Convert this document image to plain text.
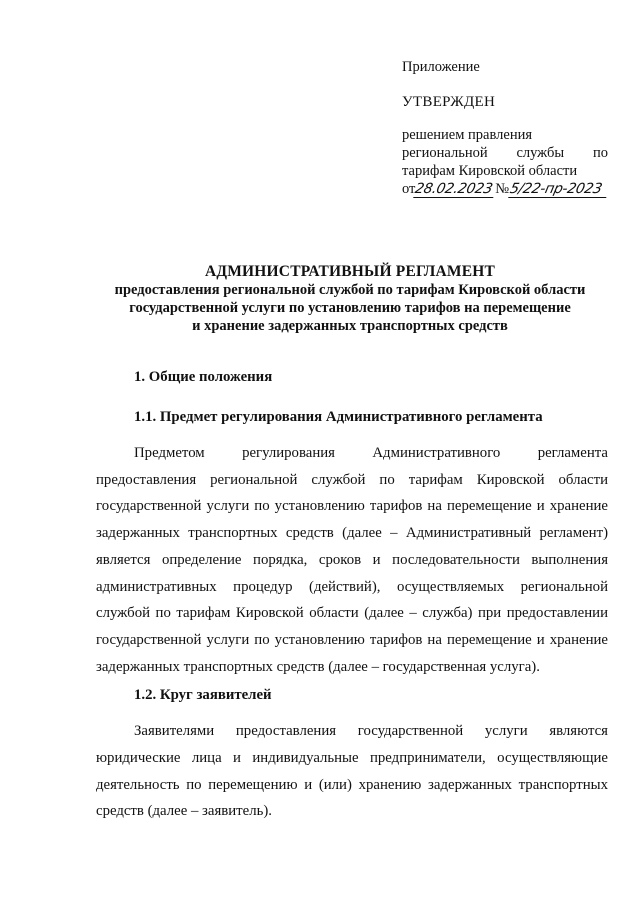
Приложение

УТВЕРЖДЕН

решением правления
региональной службы по
тарифам Кировской области
от
28.02.2023 № 5/22-пр-2023
АДМИНИСТРАТИВНЫЙ РЕГЛАМЕНТ
предоставления региональной службой по тарифам Кировской области
государственной услуги по установлению тарифов на перемещение
и хранение задержанных транспортных средств

1. Общие положения

1.1. Предмет регулирования Административного регламента

Предметом регулирования Административного регламента предоставления региональной службой по тарифам Кировской области государственной услуги по установлению тарифов на перемещение и хранение задержанных транспортных средств (далее – Административный регламент) является определение порядка, сроков и последовательности выполнения административных процедур (действий), осуществляемых региональной службой по тарифам Кировской области (далее – служба) при предоставлении государственной услуги по установлению тарифов на перемещение и хранение задержанных транспортных средств (далее – государственная услуга).

1.2. Круг заявителей

Заявителями предоставления государственной услуги являются юридические лица и индивидуальные предприниматели, осуществляющие деятельность по перемещению и (или) хранению задержанных транспортных средств (далее – заявитель).
